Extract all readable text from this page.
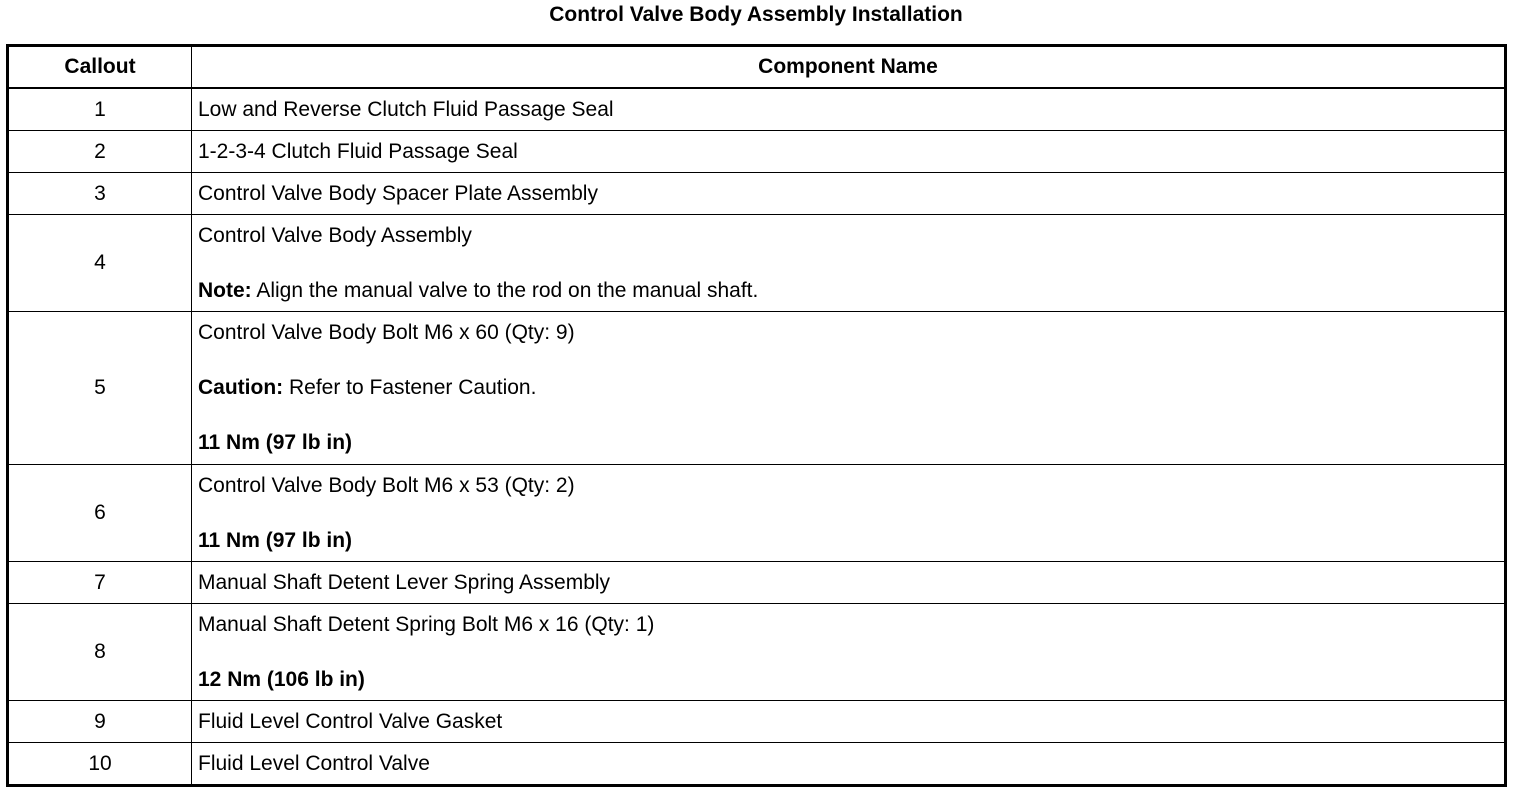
Control Valve Body Assembly Installation
Callout	Component Name
1	Low and Reverse Clutch Fluid Passage Seal
2	1-2-3-4 Clutch Fluid Passage Seal
3	Control Valve Body Spacer Plate Assembly
4	Control Valve Body Assembly
Note: Align the manual valve to the rod on the manual shaft.

5	Control Valve Body Bolt M6 x 60 (Qty: 9)
Caution: Refer to Fastener Caution.
11 Nm (97 lb in)

6	Control Valve Body Bolt M6 x 53 (Qty: 2)
11 Nm (97 lb in)

7	Manual Shaft Detent Lever Spring Assembly
8	Manual Shaft Detent Spring Bolt M6 x 16 (Qty: 1)
12 Nm (106 lb in)

9	Fluid Level Control Valve Gasket
10	Fluid Level Control Valve
